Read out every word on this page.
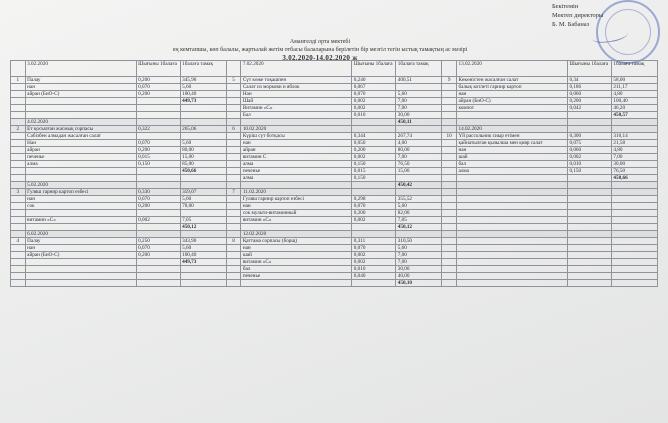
Бекітемін
Мектеп директоры
Б. М. Бабаназ
Амангелді орта мектебі
ең кемтапшы, көп балалы, жартылай жетім отбасы балаларына берілетін бір мезгіл тегін ыстық тамақтың ас мәзірі
3.02.2020-14.02.2020 ж
	3.02.2020	Шығыны 1балаға	1балаға тамақ		7.02.2020	Шығыны 1балаға	1балаға тамақ		13.02.2020	Шығыны 1балаға	1балаға тамақ
1	Палау	0,200	345,90	5	Сүт көже тоқашпен	0,240	400,51	9	Көкөністен жасалған салат	0,34	58,00
	нан	0,070	5,60		Салат из моркови и яблок	0,067			балық котлеті гарнир картоп	0,186	211,17
	айран (БиО-С)	0,200	100,40		Нан	0,070	5,60		нан	0,060	4,80
			449,73		Шай	0,002	7,00		айран (БиО-С)	0,200	100,40
					Витамин «С»	0,002	7,00		компот	0,042	46,20
					Бал	0,010	30,00				450,57
	4.02.2020						450,11				
2	Ет қосылған жасмық сорпасы	0,322	265,06	6	10.02.2020				14.02.2020		
	Сәбізбен алмадан жасалған салат				Күріш сүт ботқасы	0,344	267,74	10	Үй рассольник сиыр етімен	0,300	310,14
	Нан	0,070	5,60		нан	0,050	4,00		қайнатылған қызылша мен қияр салат	0,075	21,58
	айран	0,200	80,00		айран	0,200	80,00		нан	0,060	4,80
	печенье	0,015	15,00		витамин С	0,002	7,00		шай	0,002	7,00
	алма	0,150	85,00		алма	0,150	76,50		бал	0,010	30,00
			450,66		печенье	0,015	15,00		алма	0,150	76,50
					алма	0,150					450,66
	5.02.2020						450,42				
3	Гуляш гарнир картоп езбесі	0,330	359,07	7	11.02.2020						
	нан	0,070	5,60		Гуляш гарнир картоп езбесі	0,298	355,52				
	сок	0,200	78,00		нан	0,070	5,60				
					сок мульти-витаминный	0,200	82,00				
	витамин «С»	0,002	7,05		витамин «С»	0,002	7,05				
			450,12				450,12				
	6.02.2020				12.02.2020						
4	Палау	0,250	343,90	8	Қаттама сорпасы (борщ)	0,311	310,50				
	нан	0,070	5,60		нан	0,070	5,60				
	айран (БиО-С)	0,200	100,40		шай	0,002	7,00				
			449,73		витамин «С»	0,002	7,00				
					бал	0,010	30,00				
					печенье	0,040	40,00				
							450,10				
